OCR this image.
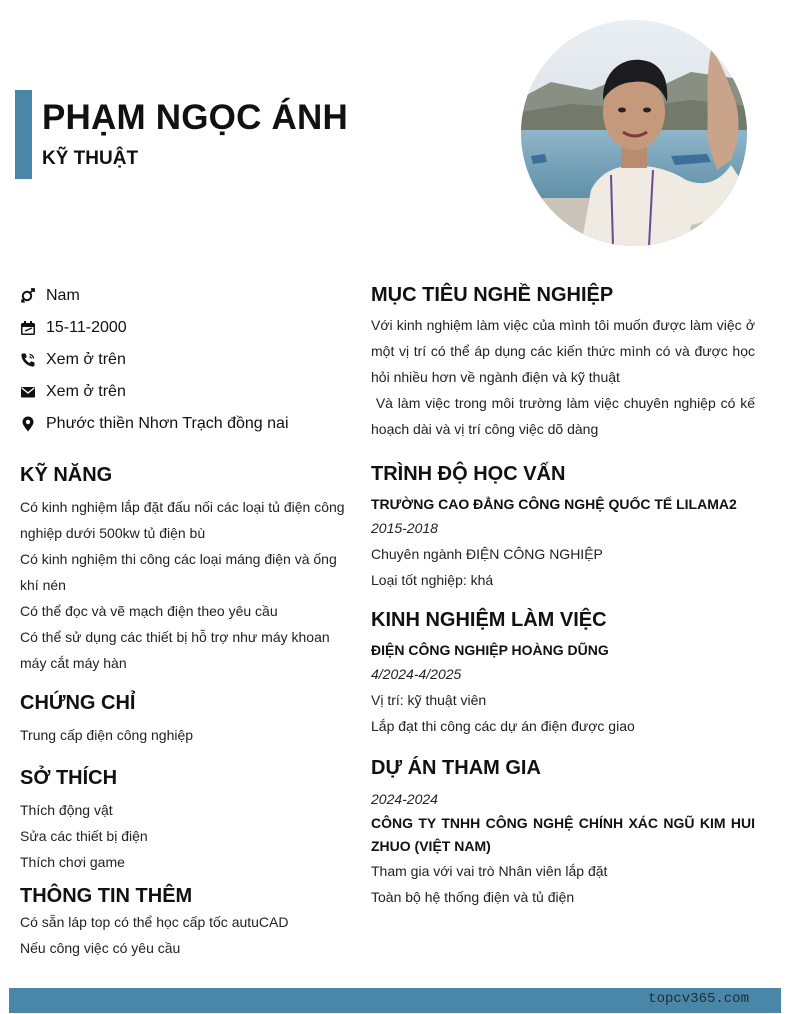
PHẠM NGỌC ÁNH
KỸ THUẬT
Nam
15-11-2000
Xem ở trên
Xem ở trên
Phước thiền Nhơn Trạch đồng nai
KỸ NĂNG
Có kinh nghiệm lắp đặt đấu nối các loại tủ điện công nghiệp dưới 500kw tủ điện bù
Có kinh nghiệm thi công các loại máng điện và ống khí nén
Có thể đọc và vẽ mạch điện theo yêu cầu
Có thể sử dụng các thiết bị hỗ trợ như máy khoan máy cắt máy hàn
CHỨNG CHỈ
Trung cấp điện công nghiệp
SỞ THÍCH
Thích động vật
Sửa các thiết bị điện
Thích chơi game
THÔNG TIN THÊM
Có sẵn láp top có thể học cấp tốc autuCAD
Nếu công việc có yêu cầu
MỤC TIÊU NGHỀ NGHIỆP
Với kinh nghiệm làm việc của mình tôi muốn được làm việc ở một vị trí có thể áp dụng các kiến thức mình có và được học hỏi nhiều hơn về ngành điện và kỹ thuật
Và làm việc trong môi trường làm việc chuyên nghiệp có kế hoạch dài và vị trí công việc dõ dàng
TRÌNH ĐỘ HỌC VẤN
TRƯỜNG CAO ĐẲNG CÔNG NGHỆ QUỐC TẾ LILAMA2
2015-2018
Chuyên ngành ĐIỆN CÔNG NGHIỆP
Loại tốt nghiệp: khá
KINH NGHIỆM LÀM VIỆC
ĐIỆN CÔNG NGHIỆP HOÀNG DŨNG
4/2024-4/2025
Vị trí: kỹ thuật viên
Lắp đạt thi công các dự án điện được giao
DỰ ÁN THAM GIA
2024-2024
CÔNG TY TNHH CÔNG NGHỆ CHÍNH XÁC NGŨ KIM HUI ZHUO (VIỆT NAM)
Tham gia với vai trò Nhân viên lắp đặt
Toàn bộ hệ thống điện và tủ điện
topcv365.com
